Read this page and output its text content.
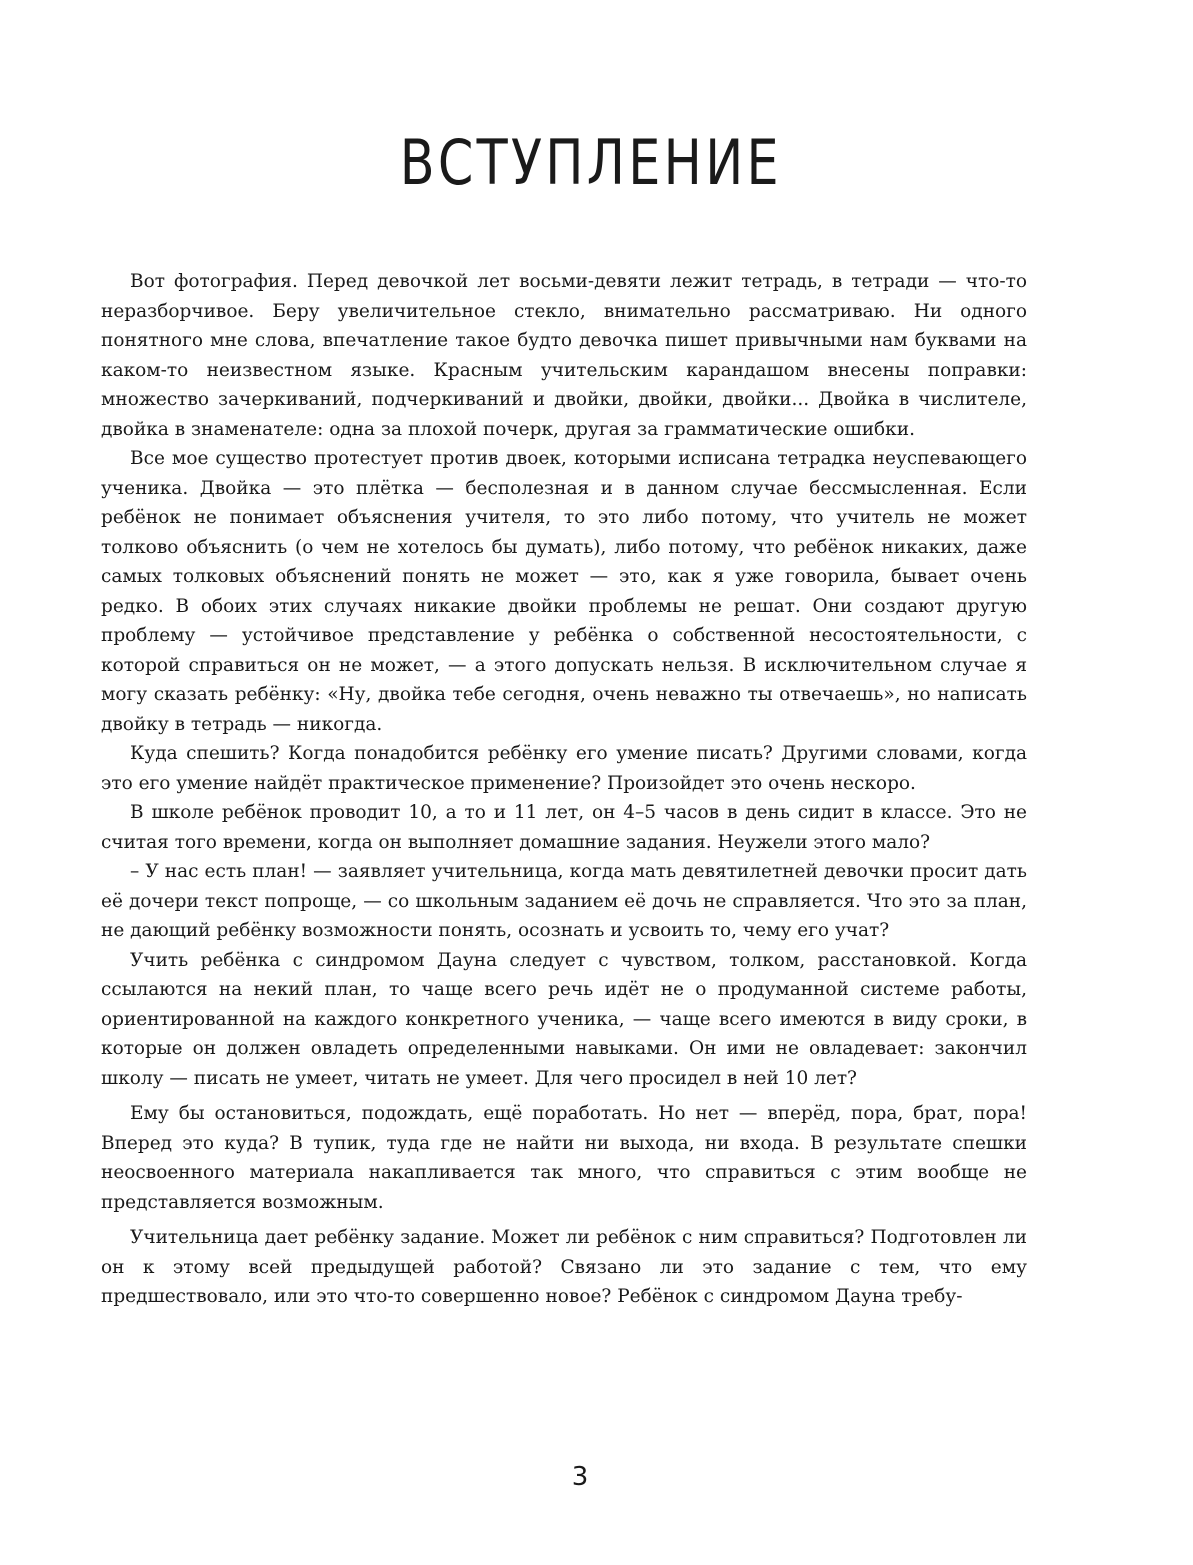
ВСТУПЛЕНИЕ

Вот фотография. Перед девочкой лет восьми-девяти лежит тетрадь, в тетради — что-то неразборчивое. Беру увеличительное стекло, внимательно рассматриваю. Ни одного понятного мне слова, впечатление такое будто девочка пишет привычными нам буквами на каком-то неизвестном языке. Красным учительским карандашом внесены поправки: множество зачеркиваний, подчеркиваний и двойки, двойки, двойки... Двойка в числителе, двойка в знаменателе: одна за плохой почерк, другая за грамматические ошибки.

Все мое существо протестует против двоек, которыми исписана тетрадка неуспевающего ученика. Двойка — это плётка — бесполезная и в данном случае бессмысленная. Если ребёнок не понимает объяснения учителя, то это либо потому, что учитель не может толково объяснить (о чем не хотелось бы думать), либо потому, что ребёнок никаких, даже самых толковых объяснений понять не может — это, как я уже говорила, бывает очень редко. В обоих этих случаях никакие двойки проблемы не решат. Они создают другую проблему — устойчивое представление у ребёнка о собственной несостоятельности, с которой справиться он не может, — а этого допускать нельзя. В исключительном случае я могу сказать ребёнку: «Ну, двойка тебе сегодня, очень неважно ты отвечаешь», но написать двойку в тетрадь — никогда.

Куда спешить? Когда понадобится ребёнку его умение писать? Другими словами, когда это его умение найдёт практическое применение? Произойдет это очень нескоро.

В школе ребёнок проводит 10, а то и 11 лет, он 4–5 часов в день сидит в классе. Это не считая того времени, когда он выполняет домашние задания. Неужели этого мало?

– У нас есть план! — заявляет учительница, когда мать девятилетней девочки просит дать её дочери текст попроще, — со школьным заданием её дочь не справляется. Что это за план, не дающий ребёнку возможности понять, осознать и усвоить то, чему его учат?

Учить ребёнка с синдромом Дауна следует с чувством, толком, расстановкой. Когда ссылаются на некий план, то чаще всего речь идёт не о продуманной системе работы, ориентированной на каждого конкретного ученика, — чаще всего имеются в виду сроки, в которые он должен овладеть определенными навыками. Он ими не овладевает: закончил школу — писать не умеет, читать не умеет. Для чего просидел в ней 10 лет?

Ему бы остановиться, подождать, ещё поработать. Но нет — вперёд, пора, брат, пора! Вперед это куда? В тупик, туда где не найти ни выхода, ни входа. В результате спешки неосвоенного материала накапливается так много, что справиться с этим вообще не представляется возможным.

Учительница дает ребёнку задание. Может ли ребёнок с ним справиться? Подготовлен ли он к этому всей предыдущей работой? Связано ли это задание с тем, что ему предшествовало, или это что-то совершенно новое? Ребёнок с синдромом Дауна требу-

3
